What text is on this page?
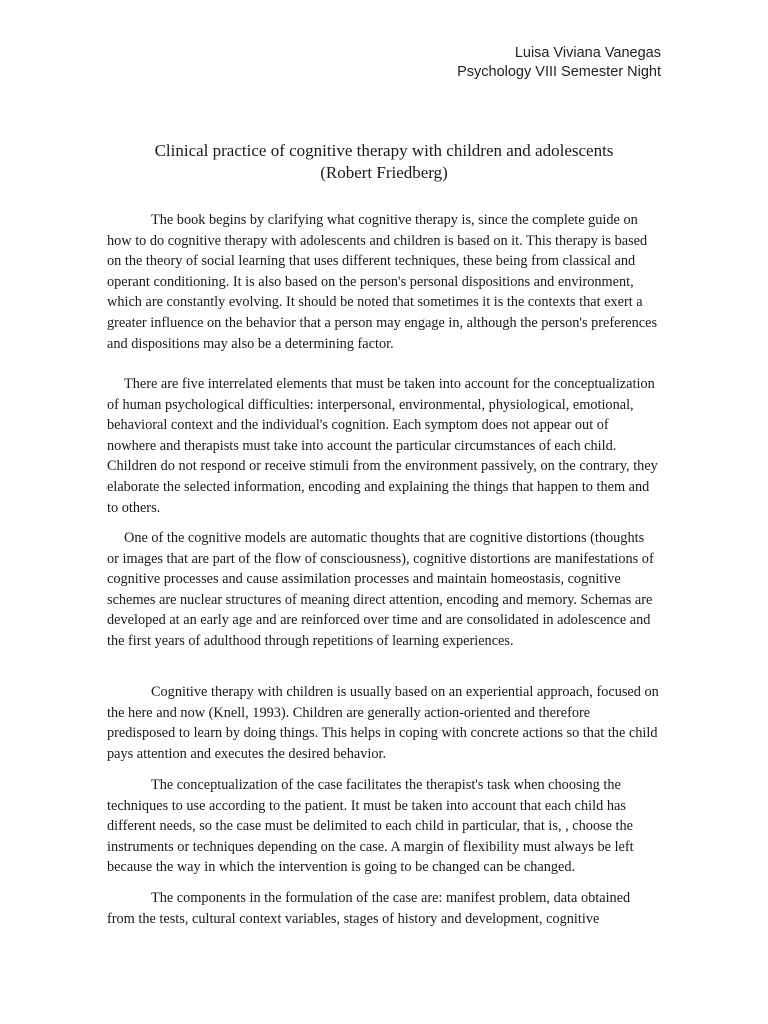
Luisa Viviana Vanegas
Psychology VIII Semester Night
Clinical practice of cognitive therapy with children and adolescents
(Robert Friedberg)

The book begins by clarifying what cognitive therapy is, since the complete guide on how to do cognitive therapy with adolescents and children is based on it. This therapy is based on the theory of social learning that uses different techniques, these being from classical and operant conditioning. It is also based on the person's personal dispositions and environment, which are constantly evolving. It should be noted that sometimes it is the contexts that exert a greater influence on the behavior that a person may engage in, although the person's preferences and dispositions may also be a determining factor.

There are five interrelated elements that must be taken into account for the conceptualization of human psychological difficulties: interpersonal, environmental, physiological, emotional, behavioral context and the individual's cognition. Each symptom does not appear out of nowhere and therapists must take into account the particular circumstances of each child. Children do not respond or receive stimuli from the environment passively, on the contrary, they elaborate the selected information, encoding and explaining the things that happen to them and to others.

One of the cognitive models are automatic thoughts that are cognitive distortions (thoughts or images that are part of the flow of consciousness), cognitive distortions are manifestations of cognitive processes and cause assimilation processes and maintain homeostasis, cognitive schemes are nuclear structures of meaning direct attention, encoding and memory. Schemas are developed at an early age and are reinforced over time and are consolidated in adolescence and the first years of adulthood through repetitions of learning experiences.

Cognitive therapy with children is usually based on an experiential approach, focused on the here and now (Knell, 1993). Children are generally action-oriented and therefore predisposed to learn by doing things. This helps in coping with concrete actions so that the child pays attention and executes the desired behavior.

The conceptualization of the case facilitates the therapist's task when choosing the techniques to use according to the patient. It must be taken into account that each child has different needs, so the case must be delimited to each child in particular, that is, , choose the instruments or techniques depending on the case. A margin of flexibility must always be left because the way in which the intervention is going to be changed can be changed.

The components in the formulation of the case are: manifest problem, data obtained from the tests, cultural context variables, stages of history and development, cognitive
